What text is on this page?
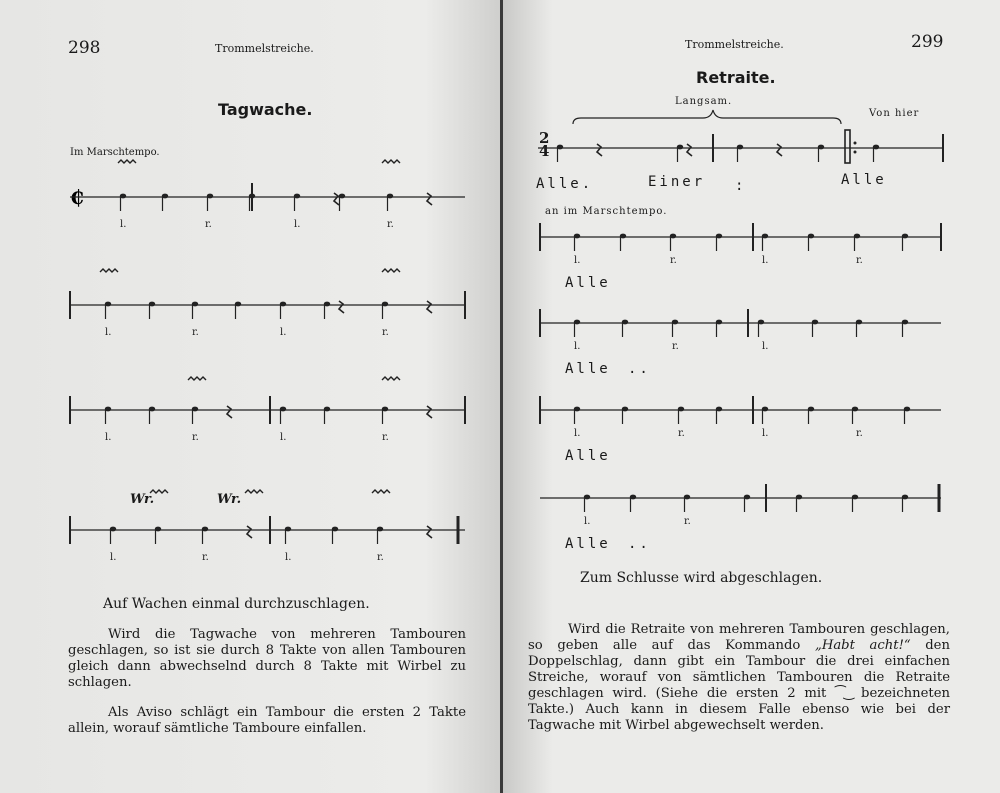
298	Trommelstreiche.
Tagwache.
Im Marschtempo.
₵
l.	r.	l.	r.
l.	r.	l.	r.
l.	r.	l.	r.
l.	r.	l.	r.
Wr.	Wr.
Auf Wachen einmal durchzuschlagen.

Wird die Tagwache von mehreren Tambouren geschlagen, so ist sie durch 8 Takte von allen Tambouren gleich dann abwechselnd durch 8 Takte mit Wirbel zu schlagen.

Als Aviso schlägt ein Tambour die ersten 2 Takte allein, worauf sämtliche Tamboure einfallen.

Trommelstreiche.	299
Retraite.
Langsam.
Von hier
2
4
Alle.	Einer :	Alle
an im Marschtempo.
l.	r.	l.	r.
Alle
l.	r.	l.
Alle ..
l.	r.	l.	r.
Alle
l.	r.
Alle ..
Zum Schlusse wird abgeschlagen.

Wird die Retraite von mehreren Tambouren geschlagen, so geben alle auf das Kommando „Habt acht!“ den Doppelschlag, dann gibt ein Tambour die drei einfachen Streiche, worauf von sämtlichen Tambouren die Retraite geschlagen wird. (Siehe die ersten 2 mit ⁀‿ bezeichneten Takte.) Auch kann in diesem Falle ebenso wie bei der Tagwache mit Wirbel abgewechselt werden.
